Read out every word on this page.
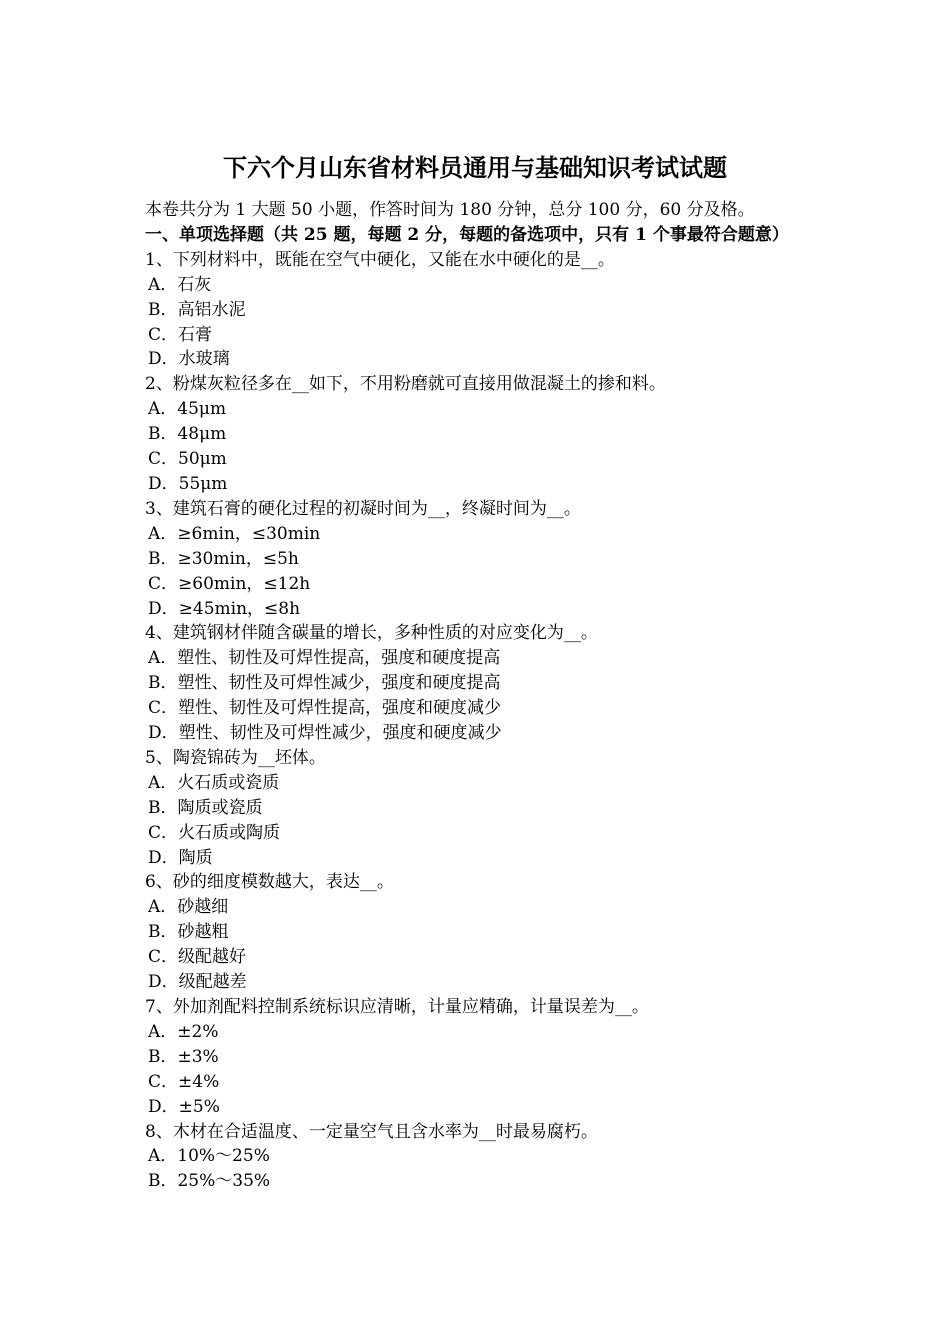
下六个月山东省材料员通用与基础知识考试试题

本卷共分为 1 大题 50 小题，作答时间为 180 分钟，总分 100 分，60 分及格。

一、单项选择题（共 25 题，每题 2 分，每题的备选项中，只有 1 个事最符合题意）

1、下列材料中，既能在空气中硬化，又能在水中硬化的是__。

A．石灰

B．高铝水泥

C．石膏

D．水玻璃

2、粉煤灰粒径多在__如下，不用粉磨就可直接用做混凝土的掺和料。

A．45μm

B．48μm

C．50μm

D．55μm

3、建筑石膏的硬化过程的初凝时间为__，终凝时间为__。

A．≥6min，≤30min

B．≥30min，≤5h

C．≥60min，≤12h

D．≥45min，≤8h

4、建筑钢材伴随含碳量的增长，多种性质的对应变化为__。

A．塑性、韧性及可焊性提高，强度和硬度提高

B．塑性、韧性及可焊性减少，强度和硬度提高

C．塑性、韧性及可焊性提高，强度和硬度减少

D．塑性、韧性及可焊性减少，强度和硬度减少

5、陶瓷锦砖为__坯体。

A．火石质或瓷质

B．陶质或瓷质

C．火石质或陶质

D．陶质

6、砂的细度模数越大，表达__。

A．砂越细

B．砂越粗

C．级配越好

D．级配越差

7、外加剂配料控制系统标识应清晰，计量应精确，计量误差为__。

A．±2%

B．±3%

C．±4%

D．±5%

8、木材在合适温度、一定量空气且含水率为__时最易腐朽。

A．10%～25%

B．25%～35%
